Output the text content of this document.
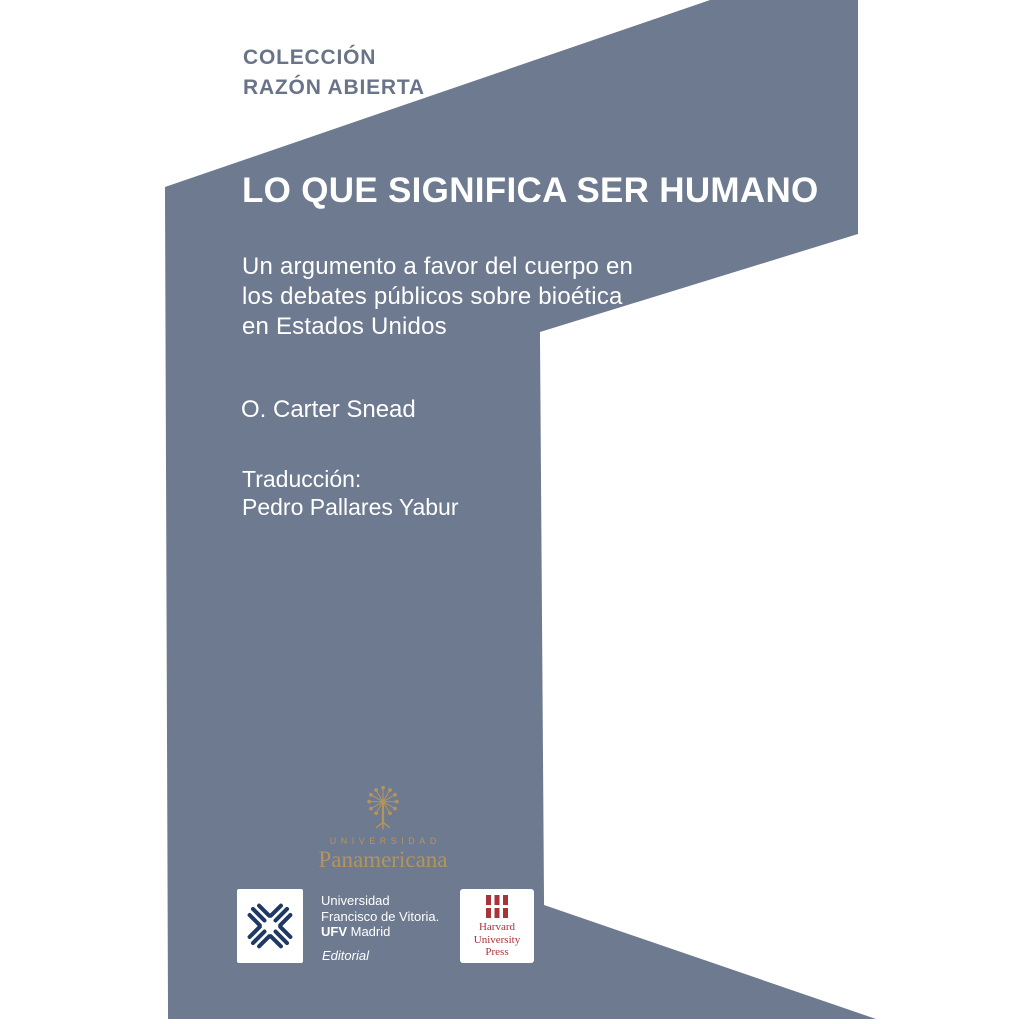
COLECCIÓN
RAZÓN ABIERTA
LO QUE SIGNIFICA SER HUMANO
Un argumento a favor del cuerpo en
los debates públicos sobre bioética
en Estados Unidos
O. Carter Snead
Traducción:
Pedro Pallares Yabur
UNIVERSIDAD
Panamericana
Universidad
Francisco de Vitoria.
UFV Madrid
Editorial
Harvard
University
Press
